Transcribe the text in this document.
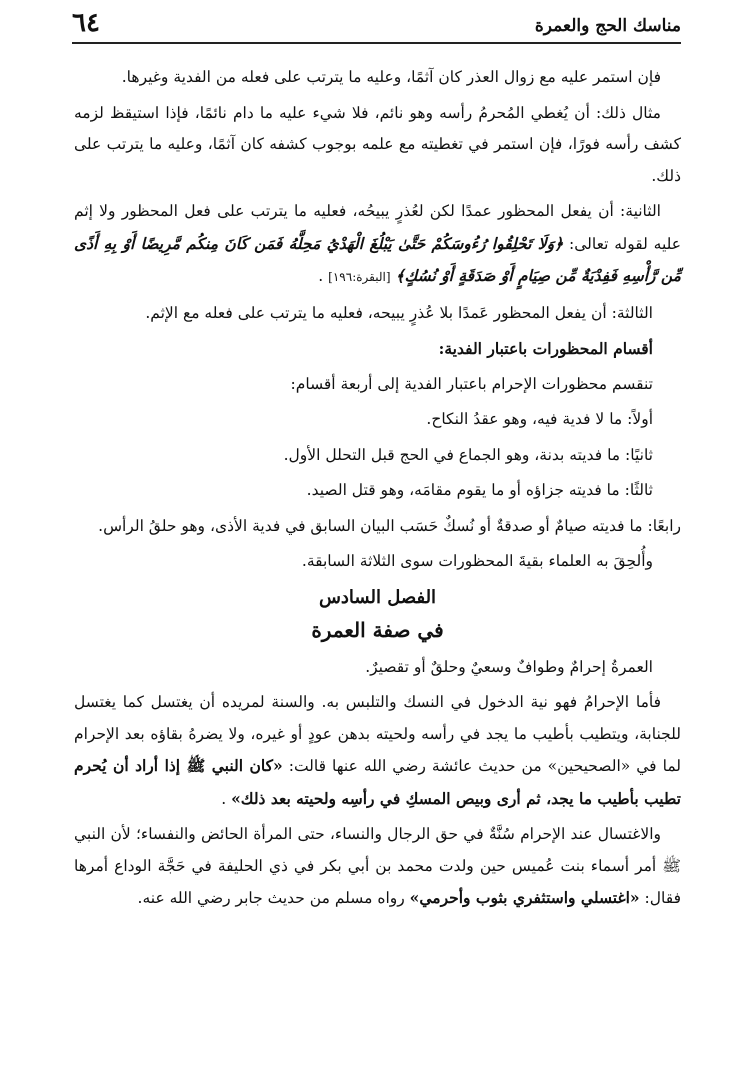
٦٤	مناسك الحج والعمرة

فإن استمر عليه مع زوال العذر كان آثمًا، وعليه ما يترتب على فعله من الفدية وغيرها.

مثال ذلك: أن يُغطي المُحرمُ رأسه وهو نائم، فلا شيء عليه ما دام نائمًا، فإذا استيقظ لزمه كشف رأسه فورًا، فإن استمر في تغطيته مع علمه بوجوب كشفه كان آثمًا، وعليه ما يترتب على ذلك.

الثانية: أن يفعل المحظور عمدًا لكن لعُذرٍ يبيحُه، فعليه ما يترتب على فعل المحظور ولا إثم عليه لقوله تعالى: ﴿وَلَا تَحْلِقُوا رُءُوسَكُمْ حَتَّىٰ يَبْلُغَ الْهَدْيُ مَحِلَّهُ فَمَن كَانَ مِنكُم مَّرِيضًا أَوْ بِهِ أَذًى مِّن رَّأْسِهِ فَفِدْيَةٌ مِّن صِيَامٍ أَوْ صَدَقَةٍ أَوْ نُسُكٍ﴾ [البقرة:١٩٦] .

الثالثة: أن يفعل المحظور عَمدًا بلا عُذرٍ يبيحه، فعليه ما يترتب على فعله مع الإثم.

أقسام المحظورات باعتبار الفدية:

تنقسم محظورات الإحرام باعتبار الفدية إلى أربعة أقسام:

أولاً: ما لا فدية فيه، وهو عقدُ النكاح.

ثانيًا: ما فديته بدنة، وهو الجماع في الحج قبل التحلل الأول.

ثالثًا: ما فديته جزاؤه أو ما يقوم مقامَه، وهو قتل الصيد.

رابعًا: ما فديته صيامٌ أو صدقةٌ أو نُسكٌ حَسَب البيان السابق في فدية الأذى، وهو حلقُ الرأس.

وأُلحِقَ به العلماء بقيةَ المحظورات سوى الثلاثة السابقة.

الفصل السادس
في صفة العمرة

العمرةُ إحرامٌ وطوافٌ وسعيٌ وحلقٌ أو تقصيرٌ.

فأما الإحرامُ فهو نية الدخول في النسك والتلبس به. والسنة لمريده أن يغتسل كما يغتسل للجنابة، ويتطيب بأطيب ما يجد في رأسه ولحيته بدهن عودٍ أو غيره، ولا يضرهُ بقاؤه بعد الإحرام لما في «الصحيحين» من حديث عائشة رضي الله عنها قالت: «كان النبي ﷺ إذا أراد أن يُحرم تطيب بأطيب ما يجد، ثم أرى وبيص المسكِ في رأسِه ولحيته بعد ذلك» .

والاغتسال عند الإحرام سُنَّةٌ في حق الرجال والنساء، حتى المرأة الحائض والنفساء؛ لأن النبي ﷺ أمر أسماء بنت عُميس حين ولدت محمد بن أبي بكر في ذي الحليفة في حَجَّة الوداع أمرها فقال: «اغتسلي واستثفري بثوب وأحرمي» رواه مسلم من حديث جابر رضي الله عنه.
